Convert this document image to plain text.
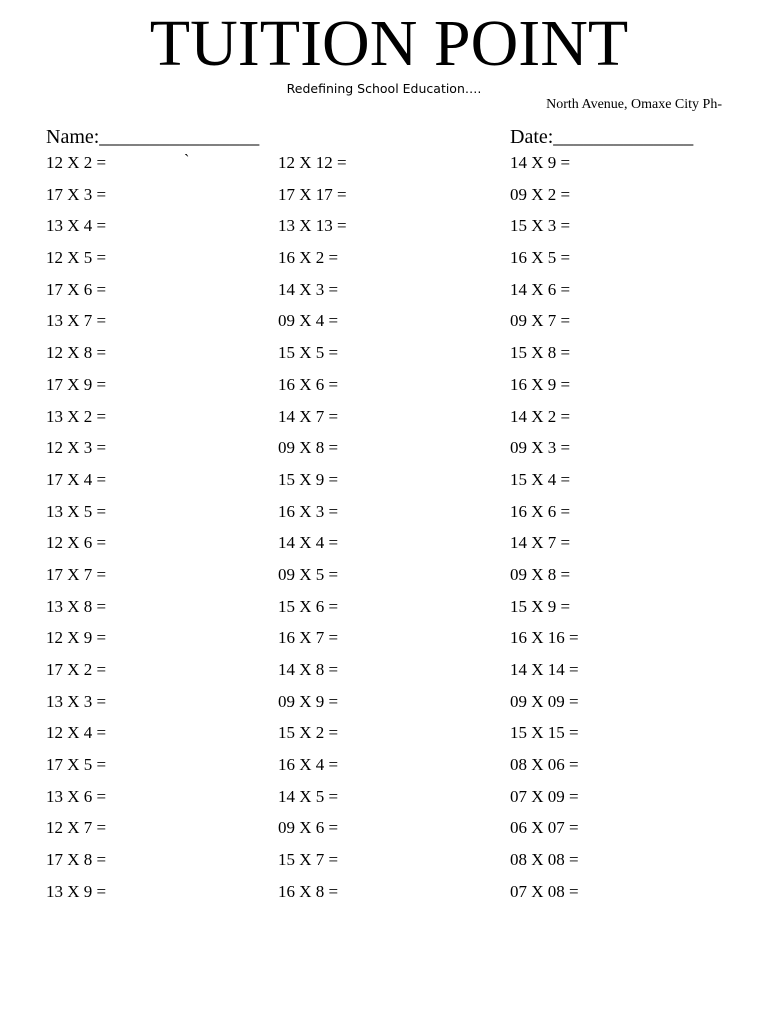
TUITION POINT
Redefining School Education….
North Avenue, Omaxe City Ph-
Name:________________	Date:______________
`
12 X 2 =
17 X 3 =
13 X 4 =
12 X 5 =
17 X 6 =
13 X 7 =
12 X 8 =
17 X 9 =
13 X 2 =
12 X 3 =
17 X 4 =
13 X 5 =
12 X 6 =
17 X 7 =
13 X 8 =
12 X 9 =
17 X 2 =
13 X 3 =
12 X 4 =
17 X 5 =
13 X 6 =
12 X 7 =
17 X 8 =
13 X 9 =
12 X 12 =
17 X 17 =
13 X 13 =
16 X 2 =
14 X 3 =
09 X 4 =
15 X 5 =
16 X 6 =
14 X 7 =
09 X 8 =
15 X 9 =
16 X 3 =
14 X 4 =
09 X 5 =
15 X 6 =
16 X 7 =
14 X 8 =
09 X 9 =
15 X 2 =
16 X 4 =
14 X 5 =
09 X 6 =
15 X 7 =
16 X 8 =
14 X 9 =
09 X 2 =
15 X 3 =
16 X 5 =
14 X 6 =
09 X 7 =
15 X 8 =
16 X 9 =
14 X 2 =
09 X 3 =
15 X 4 =
16 X 6 =
14 X 7 =
09 X 8 =
15 X 9 =
16 X 16 =
14 X 14 =
09 X 09 =
15 X 15 =
08 X 06 =
07 X 09 =
06 X 07 =
08 X 08 =
07 X 08 =
